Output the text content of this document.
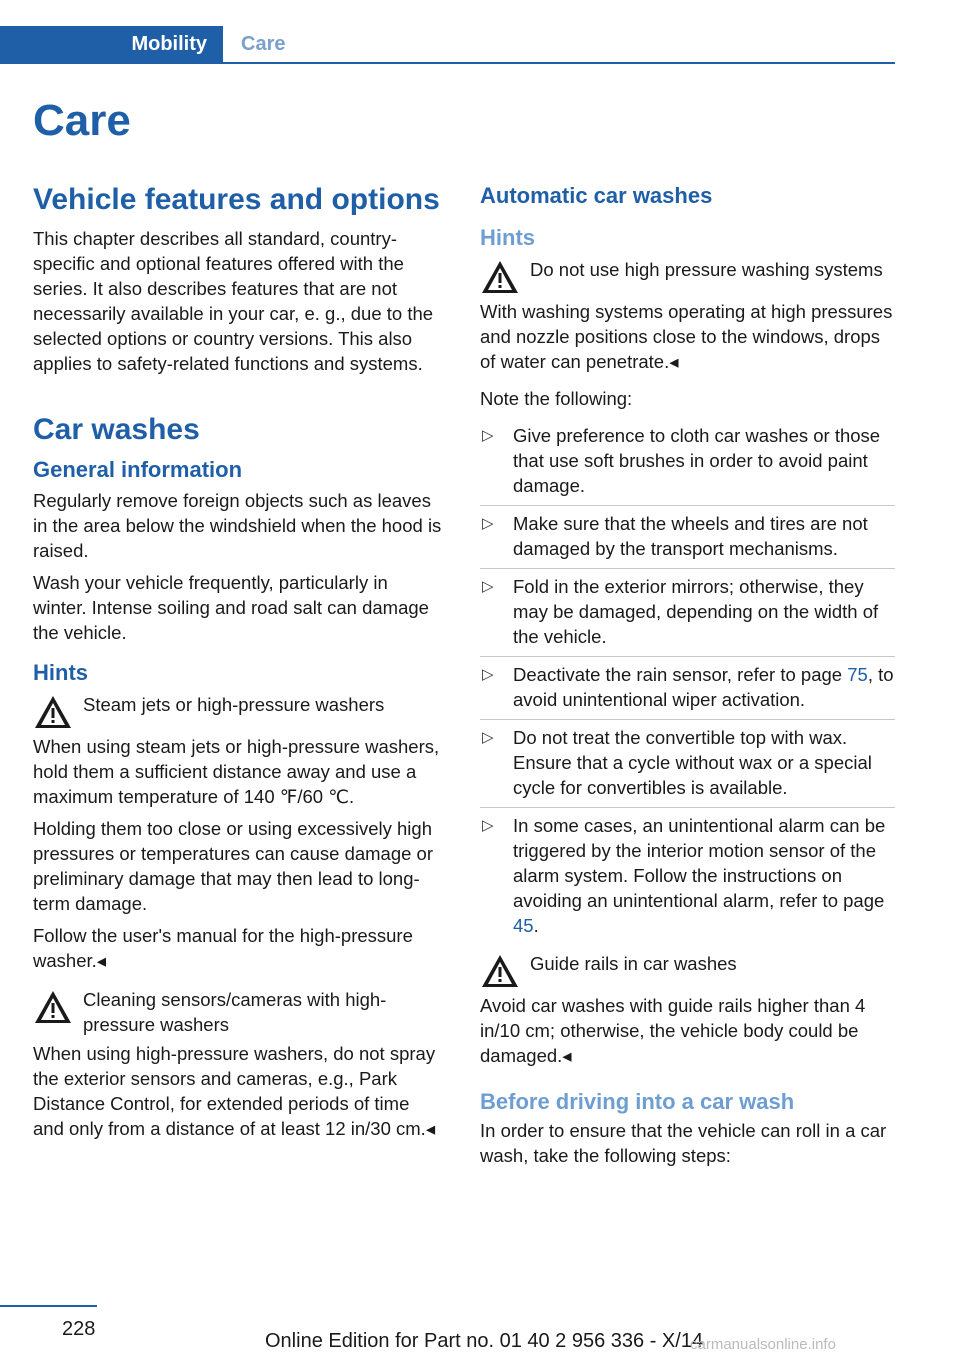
Mobility Care
Care
Vehicle features and options

This chapter describes all standard, country-specific and optional features offered with the series. It also describes features that are not necessarily available in your car, e. g., due to the selected options or country versions. This also applies to safety-related functions and systems.

Car washes
General information

Regularly remove foreign objects such as leaves in the area below the windshield when the hood is raised.

Wash your vehicle frequently, particularly in winter. Intense soiling and road salt can damage the vehicle.

Hints
Steam jets or high-pressure washers

When using steam jets or high-pressure washers, hold them a sufficient distance away and use a maximum temperature of 140 ℉/60 ℃.

Holding them too close or using excessively high pressures or temperatures can cause damage or preliminary damage that may then lead to long-term damage.

Follow the user's manual for the high-pressure washer.◂

Cleaning sensors/cameras with high-pressure washers

When using high-pressure washers, do not spray the exterior sensors and cameras, e.g., Park Distance Control, for extended periods of time and only from a distance of at least 12 in/30 cm.◂

Automatic car washes
Hints
Do not use high pressure washing systems

With washing systems operating at high pressures and nozzle positions close to the windows, drops of water can penetrate.◂

Note the following:

▷ Give preference to cloth car washes or those that use soft brushes in order to avoid paint damage.
▷ Make sure that the wheels and tires are not damaged by the transport mechanisms.
▷ Fold in the exterior mirrors; otherwise, they may be damaged, depending on the width of the vehicle.
▷ Deactivate the rain sensor, refer to page 75, to avoid unintentional wiper activation.
▷ Do not treat the convertible top with wax. Ensure that a cycle without wax or a special cycle for convertibles is available.
▷ In some cases, an unintentional alarm can be triggered by the interior motion sensor of the alarm system. Follow the instructions on avoiding an unintentional alarm, refer to page 45.
Guide rails in car washes

Avoid car washes with guide rails higher than 4 in/10 cm; otherwise, the vehicle body could be damaged.◂

Before driving into a car wash

In order to ensure that the vehicle can roll in a car wash, take the following steps:

228
Online Edition for Part no. 01 40 2 956 336 - X/14
carmanualsonline.info
